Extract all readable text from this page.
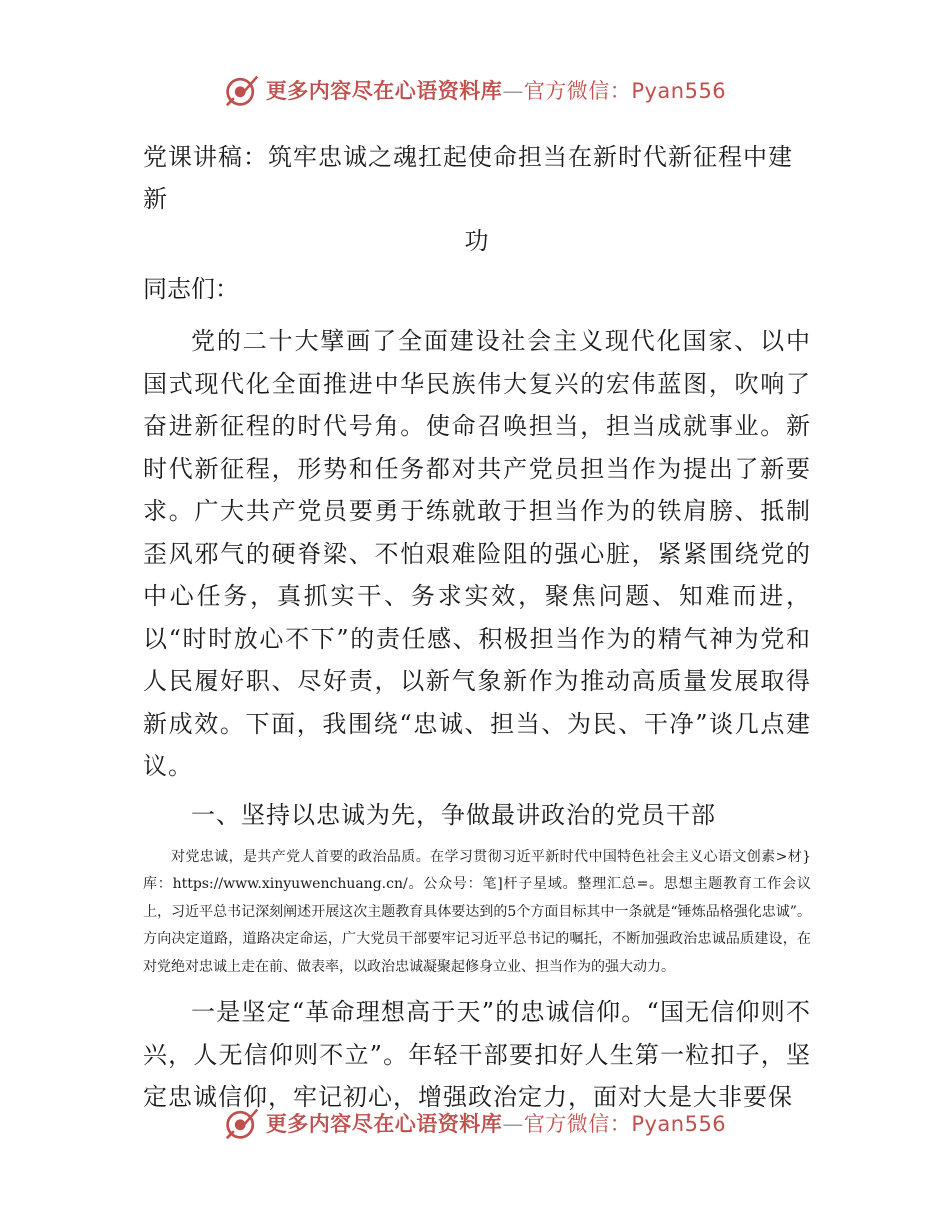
更多内容尽在心语资料库—官方微信：Pyan556
党课讲稿：筑牢忠诚之魂扛起使命担当在新时代新征程中建新
功

同志们：

党的二十大擘画了全面建设社会主义现代化国家、以中国式现代化全面推进中华民族伟大复兴的宏伟蓝图，吹响了奋进新征程的时代号角。使命召唤担当，担当成就事业。新时代新征程，形势和任务都对共产党员担当作为提出了新要求。广大共产党员要勇于练就敢于担当作为的铁肩膀、抵制歪风邪气的硬脊梁、不怕艰难险阻的强心脏，紧紧围绕党的中心任务，真抓实干、务求实效，聚焦问题、知难而进，以“时时放心不下”的责任感、积极担当作为的精气神为党和人民履好职、尽好责，以新气象新作为推动高质量发展取得新成效。下面，我围绕“忠诚、担当、为民、干净”谈几点建议。

一、坚持以忠诚为先，争做最讲政治的党员干部

对党忠诚，是共产党人首要的政治品质。在学习贯彻习近平新时代中国特色社会主义心语文创素>材}库：https://www.xinyuwenchuang.cn/。公众号：笔]杆子星域。整理汇总=。思想主题教育工作会议上，习近平总书记深刻阐述开展这次主题教育具体要达到的5个方面目标其中一条就是“锤炼品格强化忠诚”。方向决定道路，道路决定命运，广大党员干部要牢记习近平总书记的嘱托，不断加强政治忠诚品质建设，在对党绝对忠诚上走在前、做表率，以政治忠诚凝聚起修身立业、担当作为的强大动力。

一是坚定“革命理想高于天”的忠诚信仰。“国无信仰则不兴，人无信仰则不立”。年轻干部要扣好人生第一粒扣子，坚定忠诚信仰，牢记初心，增强政治定力，面对大是大非要保

更多内容尽在心语资料库—官方微信：Pyan556
